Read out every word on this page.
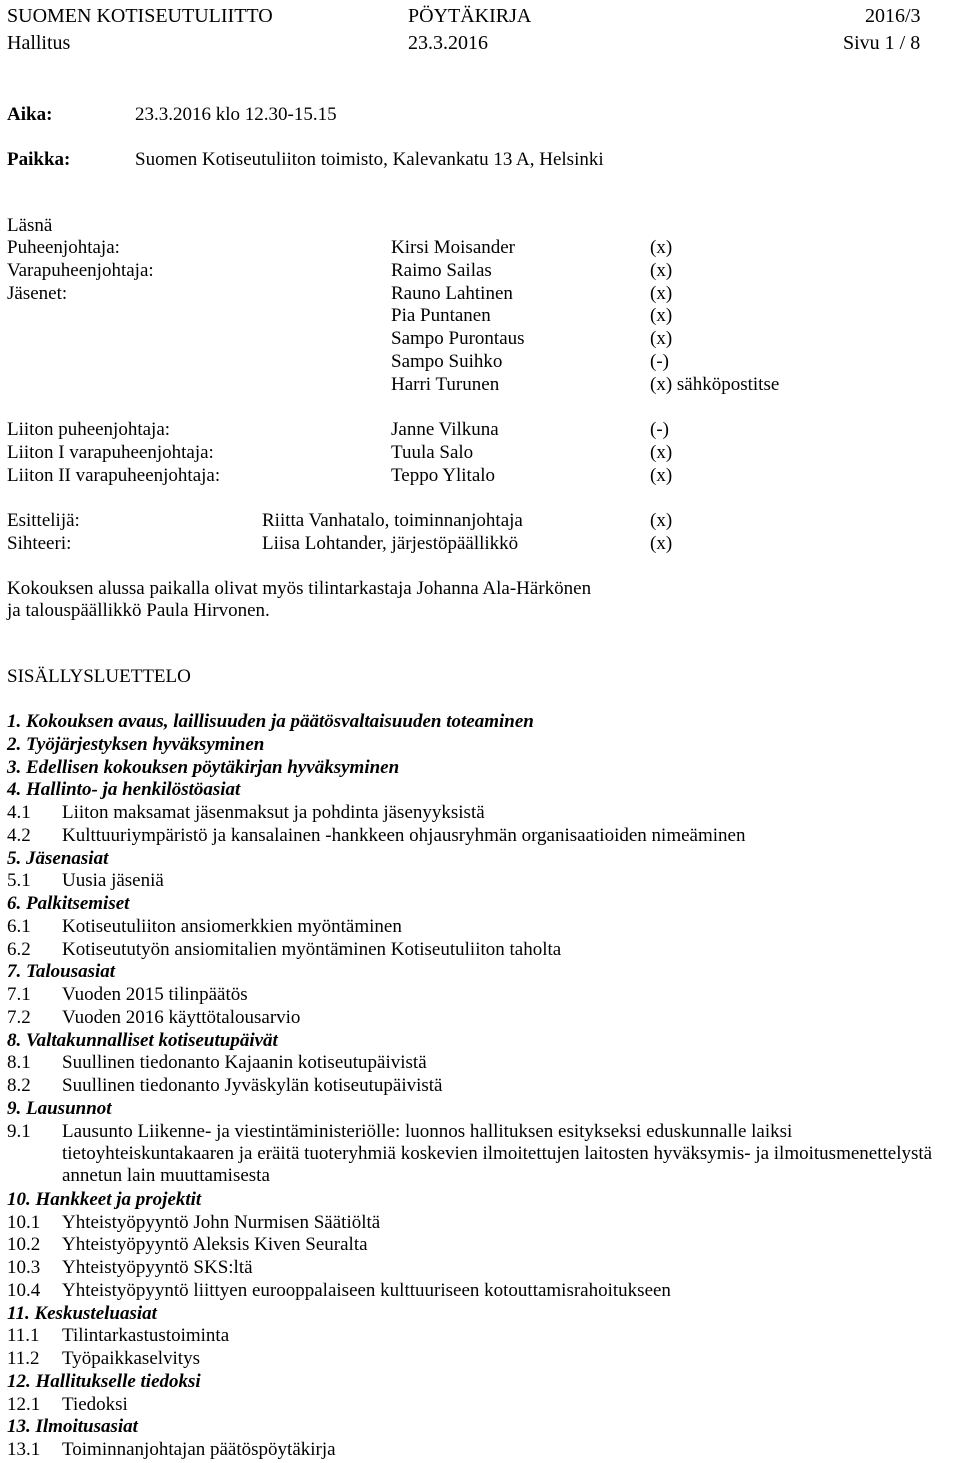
SUOMEN KOTISEUTULIITTO	PÖYTÄKIRJA	2016/3
Hallitus	23.3.2016	Sivu 1 / 8
Aika:	23.3.2016 klo 12.30-15.15
Paikka:	Suomen Kotiseutuliiton toimisto, Kalevankatu 13 A, Helsinki
Läsnä
Puheenjohtaja:	Kirsi Moisander	(x)
Varapuheenjohtaja:	Raimo Sailas	(x)
Jäsenet:	Rauno Lahtinen	(x)
Pia Puntanen	(x)
Sampo Purontaus	(x)
Sampo Suihko	(-)
Harri Turunen	(x) sähköpostitse
Liiton puheenjohtaja:	Janne Vilkuna	(-)
Liiton I varapuheenjohtaja:	Tuula Salo	(x)
Liiton II varapuheenjohtaja:	Teppo Ylitalo	(x)
Esittelijä:	Riitta Vanhatalo, toiminnanjohtaja	(x)
Sihteeri:	Liisa Lohtander, järjestöpäällikkö	(x)
Kokouksen alussa paikalla olivat myös tilintarkastaja Johanna Ala-Härkönen
ja talouspäällikkö Paula Hirvonen.
SISÄLLYSLUETTELO
1. Kokouksen avaus, laillisuuden ja päätösvaltaisuuden toteaminen
2. Työjärjestyksen hyväksyminen
3. Edellisen kokouksen pöytäkirjan hyväksyminen
4. Hallinto- ja henkilöstöasiat
4.1 Liiton maksamat jäsenmaksut ja pohdinta jäsenyyksistä
4.2 Kulttuuriympäristö ja kansalainen -hankkeen ohjausryhmän organisaatioiden nimeäminen
5. Jäsenasiat
5.1 Uusia jäseniä
6. Palkitsemiset
6.1 Kotiseutuliiton ansiomerkkien myöntäminen
6.2 Kotiseututyön ansiomitalien myöntäminen Kotiseutuliiton taholta
7. Talousasiat
7.1 Vuoden 2015 tilinpäätös
7.2 Vuoden 2016 käyttötalousarvio
8. Valtakunnalliset kotiseutupäivät
8.1 Suullinen tiedonanto Kajaanin kotiseutupäivistä
8.2 Suullinen tiedonanto Jyväskylän kotiseutupäivistä
9. Lausunnot
9.1 Lausunto Liikenne- ja viestintäministeriölle: luonnos hallituksen esitykseksi eduskunnalle laiksi tietoyhteiskuntakaaren ja eräitä tuoteryhmiä koskevien ilmoitettujen laitosten hyväksymis- ja ilmoitusmenettelystä annetun lain muuttamisesta
10. Hankkeet ja projektit
10.1 Yhteistyöpyyntö John Nurmisen Säätiöltä
10.2 Yhteistyöpyyntö Aleksis Kiven Seuralta
10.3 Yhteistyöpyyntö SKS:ltä
10.4 Yhteistyöpyyntö liittyen eurooppalaiseen kulttuuriseen kotouttamisrahoitukseen
11. Keskusteluasiat
11.1 Tilintarkastustoiminta
11.2 Työpaikkaselvitys
12. Hallitukselle tiedoksi
12.1 Tiedoksi
13. Ilmoitusasiat
13.1 Toiminnanjohtajan päätöspöytäkirja
